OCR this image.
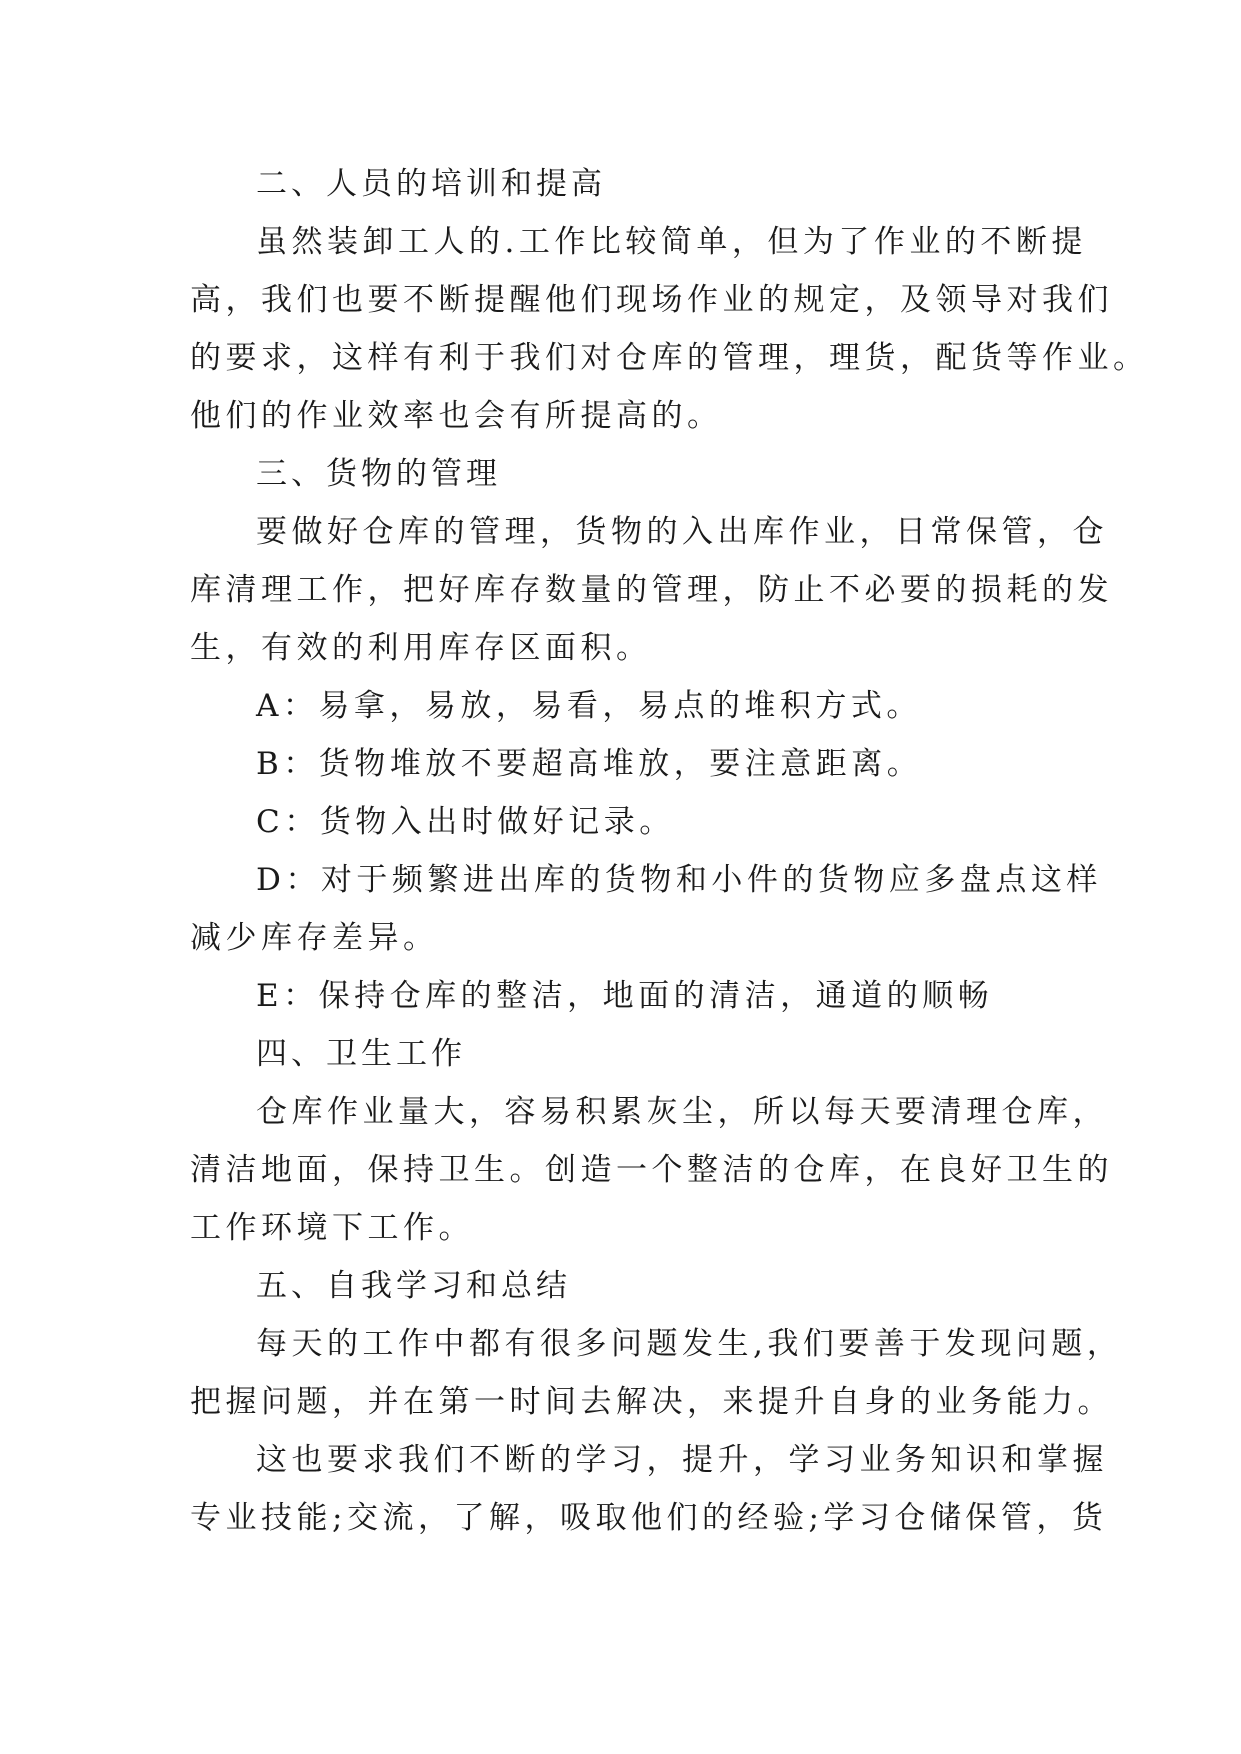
二、人员的培训和提高
虽然装卸工人的.工作比较简单，但为了作业的不断提
高，我们也要不断提醒他们现场作业的规定，及领导对我们
的要求，这样有利于我们对仓库的管理，理货，配货等作业。
他们的作业效率也会有所提高的。
三、货物的管理
要做好仓库的管理，货物的入出库作业，日常保管，仓
库清理工作，把好库存数量的管理，防止不必要的损耗的发
生，有效的利用库存区面积。
A：易拿，易放，易看，易点的堆积方式。
B：货物堆放不要超高堆放，要注意距离。
C：货物入出时做好记录。
D：对于频繁进出库的货物和小件的货物应多盘点这样
减少库存差异。
E：保持仓库的整洁，地面的清洁，通道的顺畅
四、卫生工作
仓库作业量大，容易积累灰尘，所以每天要清理仓库，
清洁地面，保持卫生。创造一个整洁的仓库，在良好卫生的
工作环境下工作。
五、自我学习和总结
每天的工作中都有很多问题发生,我们要善于发现问题，
把握问题，并在第一时间去解决，来提升自身的业务能力。
这也要求我们不断的学习，提升，学习业务知识和掌握
专业技能;交流，了解，吸取他们的经验;学习仓储保管，货
